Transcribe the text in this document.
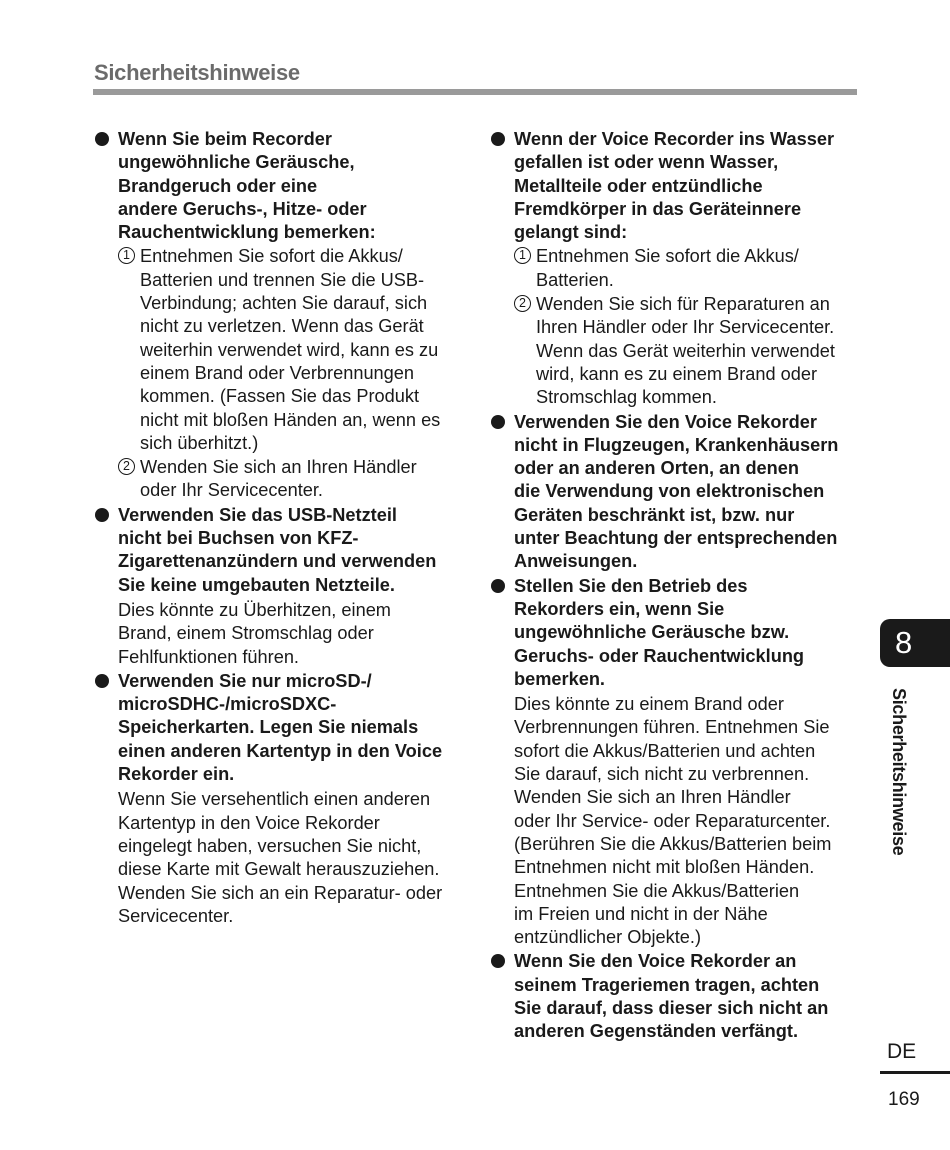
Sicherheitshinweise
Wenn Sie beim Recorder
ungewöhnliche Geräusche,
Brandgeruch oder eine
andere Geruchs-, Hitze- oder
Rauchentwicklung bemerken:
1 Entnehmen Sie sofort die Akkus/
Batterien und trennen Sie die USB-
Verbindung; achten Sie darauf, sich
nicht zu verletzen. Wenn das Gerät
weiterhin verwendet wird, kann es zu
einem Brand oder Verbrennungen
kommen. (Fassen Sie das Produkt
nicht mit bloßen Händen an, wenn es
sich überhitzt.)
2 Wenden Sie sich an Ihren Händler
oder Ihr Servicecenter.
Verwenden Sie das USB-Netzteil
nicht bei Buchsen von KFZ-
Zigarettenanzündern und verwenden
Sie keine umgebauten Netzteile.
Dies könnte zu Überhitzen, einem
Brand, einem Stromschlag oder
Fehlfunktionen führen.
Verwenden Sie nur microSD-/
microSDHC-/microSDXC-
Speicherkarten. Legen Sie niemals
einen anderen Kartentyp in den Voice
Rekorder ein.
Wenn Sie versehentlich einen anderen
Kartentyp in den Voice Rekorder
eingelegt haben, versuchen Sie nicht,
diese Karte mit Gewalt herauszuziehen.
Wenden Sie sich an ein Reparatur- oder
Servicecenter.
Wenn der Voice Recorder ins Wasser
gefallen ist oder wenn Wasser,
Metallteile oder entzündliche
Fremdkörper in das Geräteinnere
gelangt sind:
1 Entnehmen Sie sofort die Akkus/
Batterien.
2 Wenden Sie sich für Reparaturen an
Ihren Händler oder Ihr Servicecenter.
Wenn das Gerät weiterhin verwendet
wird, kann es zu einem Brand oder
Stromschlag kommen.
Verwenden Sie den Voice Rekorder
nicht in Flugzeugen, Krankenhäusern
oder an anderen Orten, an denen
die Verwendung von elektronischen
Geräten beschränkt ist, bzw. nur
unter Beachtung der entsprechenden
Anweisungen.
Stellen Sie den Betrieb des
Rekorders ein, wenn Sie
ungewöhnliche Geräusche bzw.
Geruchs- oder Rauchentwicklung
bemerken.
Dies könnte zu einem Brand oder
Verbrennungen führen. Entnehmen Sie
sofort die Akkus/Batterien und achten
Sie darauf, sich nicht zu verbrennen.
Wenden Sie sich an Ihren Händler
oder Ihr Service- oder Reparaturcenter.
(Berühren Sie die Akkus/Batterien beim
Entnehmen nicht mit bloßen Händen.
Entnehmen Sie die Akkus/Batterien
im Freien und nicht in der Nähe
entzündlicher Objekte.)
Wenn Sie den Voice Rekorder an
seinem Trageriemen tragen, achten
Sie darauf, dass dieser sich nicht an
anderen Gegenständen verfängt.
8
Sicherheitshinweise
DE
169
